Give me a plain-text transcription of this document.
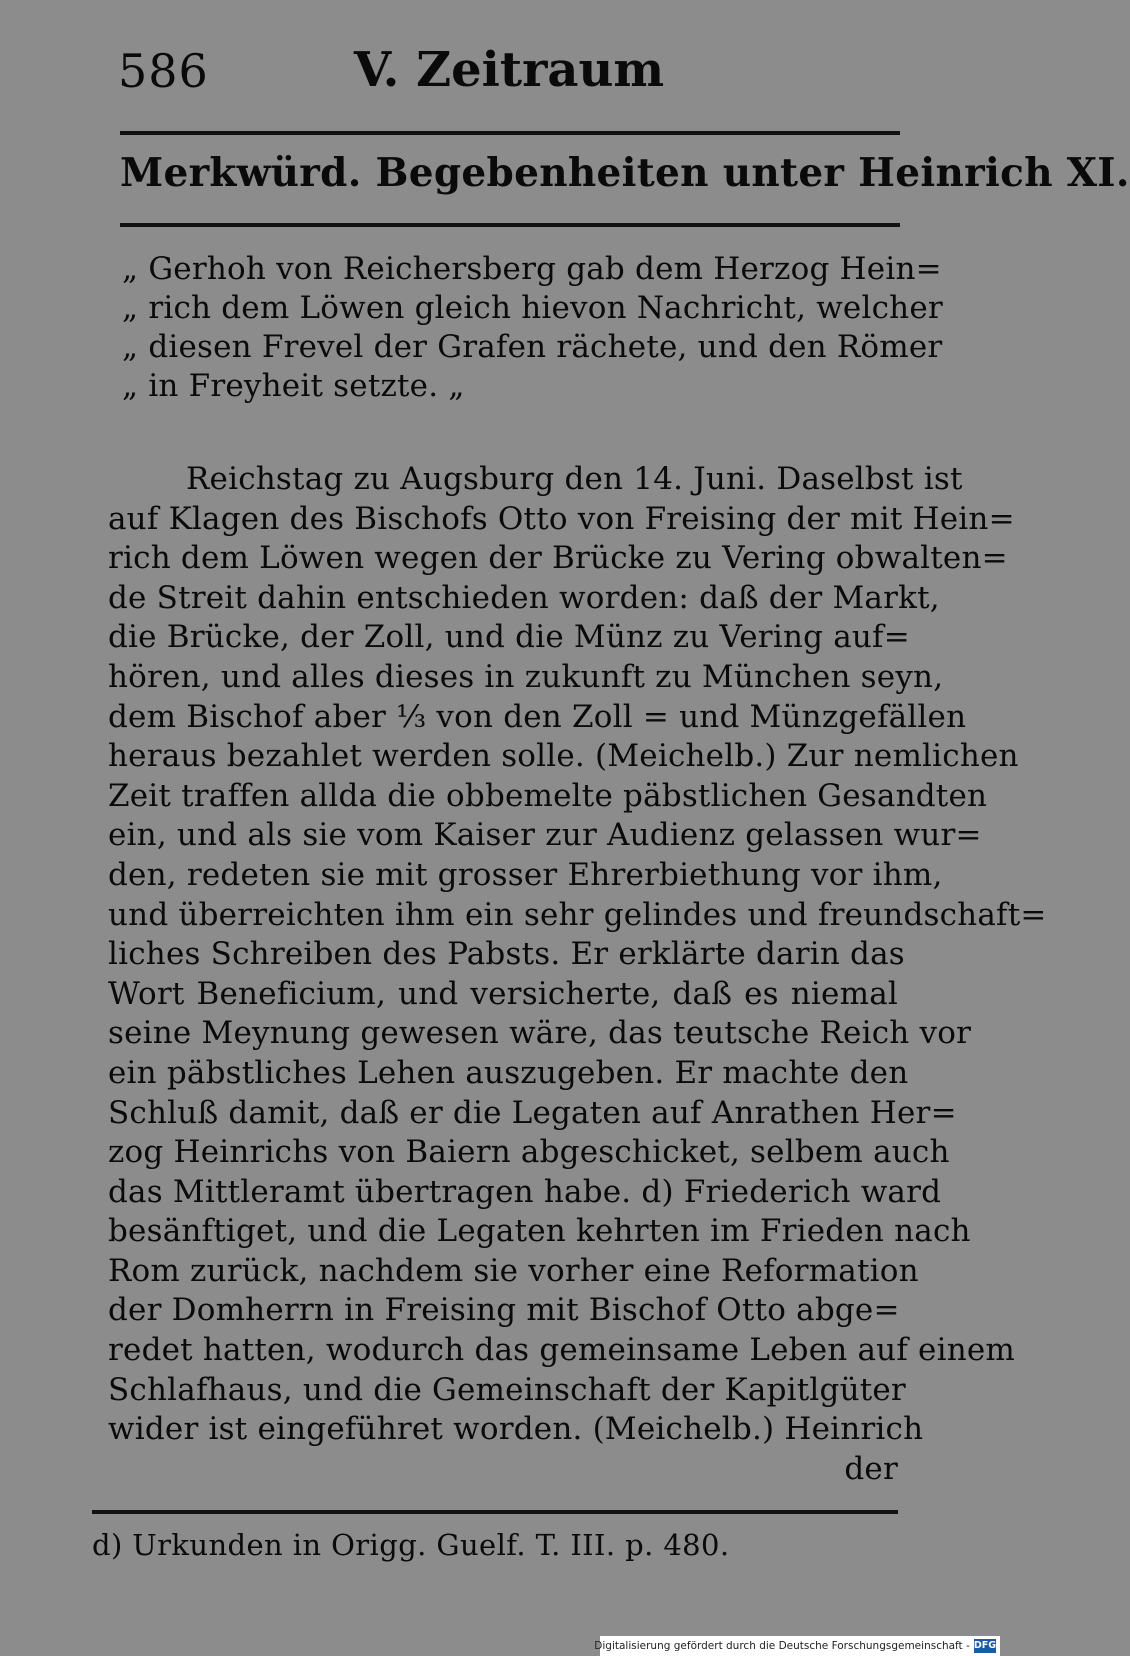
586	V. Zeitraum
Merkwürd. Begebenheiten unter Heinrich XI.
„ Gerhoh von Reichersberg gab dem Herzog Hein=
„ rich dem Löwen gleich hievon Nachricht, welcher
„ diesen Frevel der Grafen rächete, und den Römer
„ in Freyheit setzte. „
Reichstag zu Augsburg den 14. Juni. Daselbst ist
auf Klagen des Bischofs Otto von Freising der mit Hein=
rich dem Löwen wegen der Brücke zu Vering obwalten=
de Streit dahin entschieden worden: daß der Markt,
die Brücke, der Zoll, und die Münz zu Vering auf=
hören, und alles dieses in zukunft zu München seyn,
dem Bischof aber ⅓ von den Zoll = und Münzgefällen
heraus bezahlet werden solle. (Meichelb.) Zur nemlichen
Zeit traffen allda die obbemelte päbstlichen Gesandten
ein, und als sie vom Kaiser zur Audienz gelassen wur=
den, redeten sie mit grosser Ehrerbiethung vor ihm,
und überreichten ihm ein sehr gelindes und freundschaft=
liches Schreiben des Pabsts. Er erklärte darin das
Wort Beneficium, und versicherte, daß es niemal
seine Meynung gewesen wäre, das teutsche Reich vor
ein päbstliches Lehen auszugeben. Er machte den
Schluß damit, daß er die Legaten auf Anrathen Her=
zog Heinrichs von Baiern abgeschicket, selbem auch
das Mittleramt übertragen habe. d) Friederich ward
besänftiget, und die Legaten kehrten im Frieden nach
Rom zurück, nachdem sie vorher eine Reformation
der Domherrn in Freising mit Bischof Otto abge=
redet hatten, wodurch das gemeinsame Leben auf einem
Schlafhaus, und die Gemeinschaft der Kapitlgüter
wider ist eingeführet worden. (Meichelb.) Heinrich
der
d) Urkunden in Origg. Guelf. T. III. p. 480.
Digitalisierung gefördert durch die Deutsche Forschungsgemeinschaft - DFG
